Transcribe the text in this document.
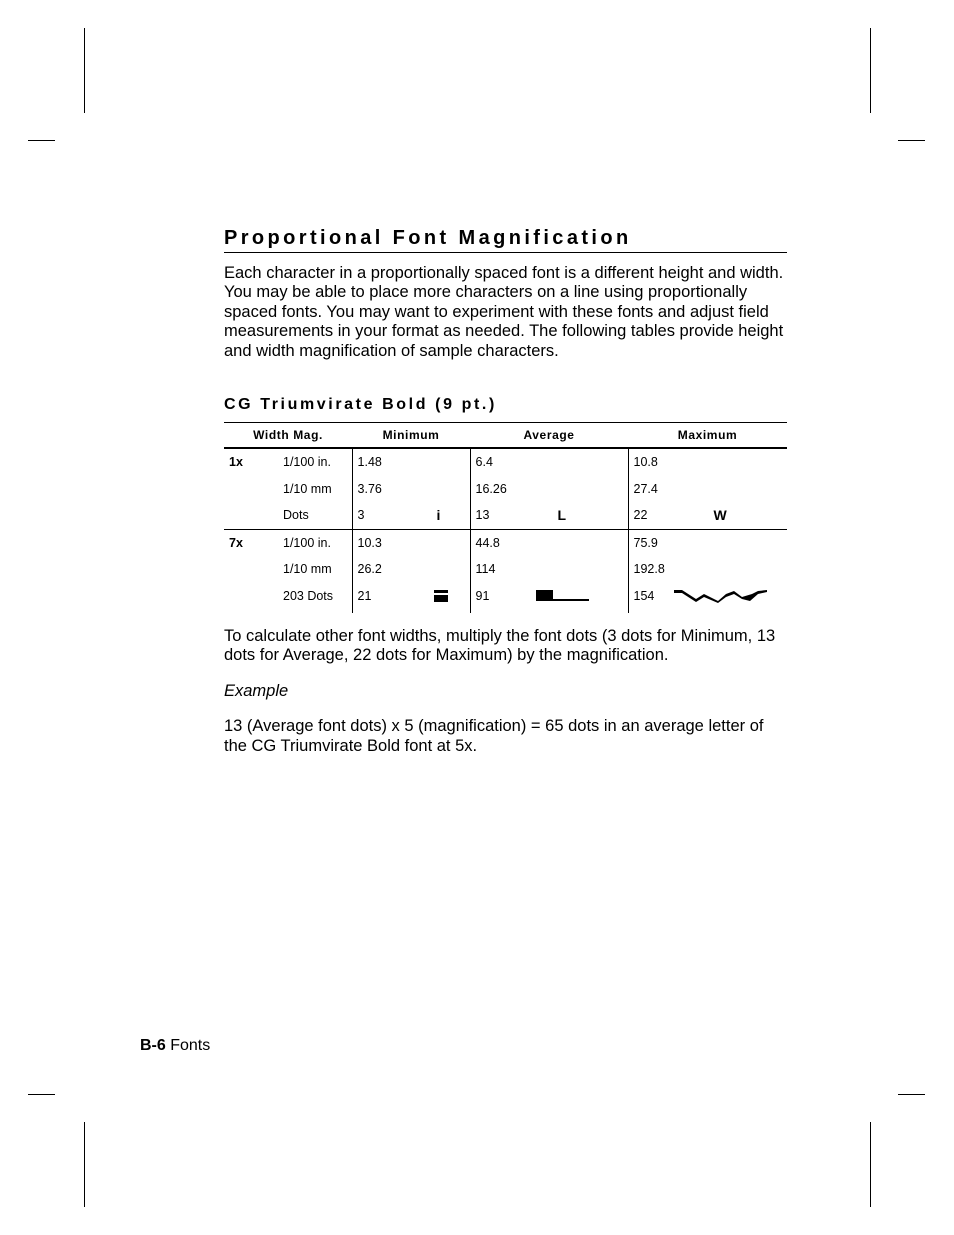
Proportional Font Magnification

Each character in a proportionally spaced font is a different height and width. You may be able to place more characters on a line using proportionally spaced fonts. You may want to experiment with these fonts and adjust field measurements in your format as needed. The following tables provide height and width magnification of sample characters.

CG Triumvirate Bold (9 pt.)
Width Mag.		Minimum	Average	Maximum
1x	1/100 in.	1.48	6.4	10.8
	1/10 mm	3.76	16.26	27.4
	Dots	3 i	13 L	22 W

7x	1/100 in.	10.3	44.8	75.9
	1/10 mm	26.2	114	192.8
	203 Dots	21	91	154

To calculate other font widths, multiply the font dots (3 dots for Minimum, 13 dots for Average, 22 dots for Maximum) by the magnification.

Example

13 (Average font dots) x 5 (magnification) = 65 dots in an average letter of the CG Triumvirate Bold font at 5x.

B-6 Fonts
